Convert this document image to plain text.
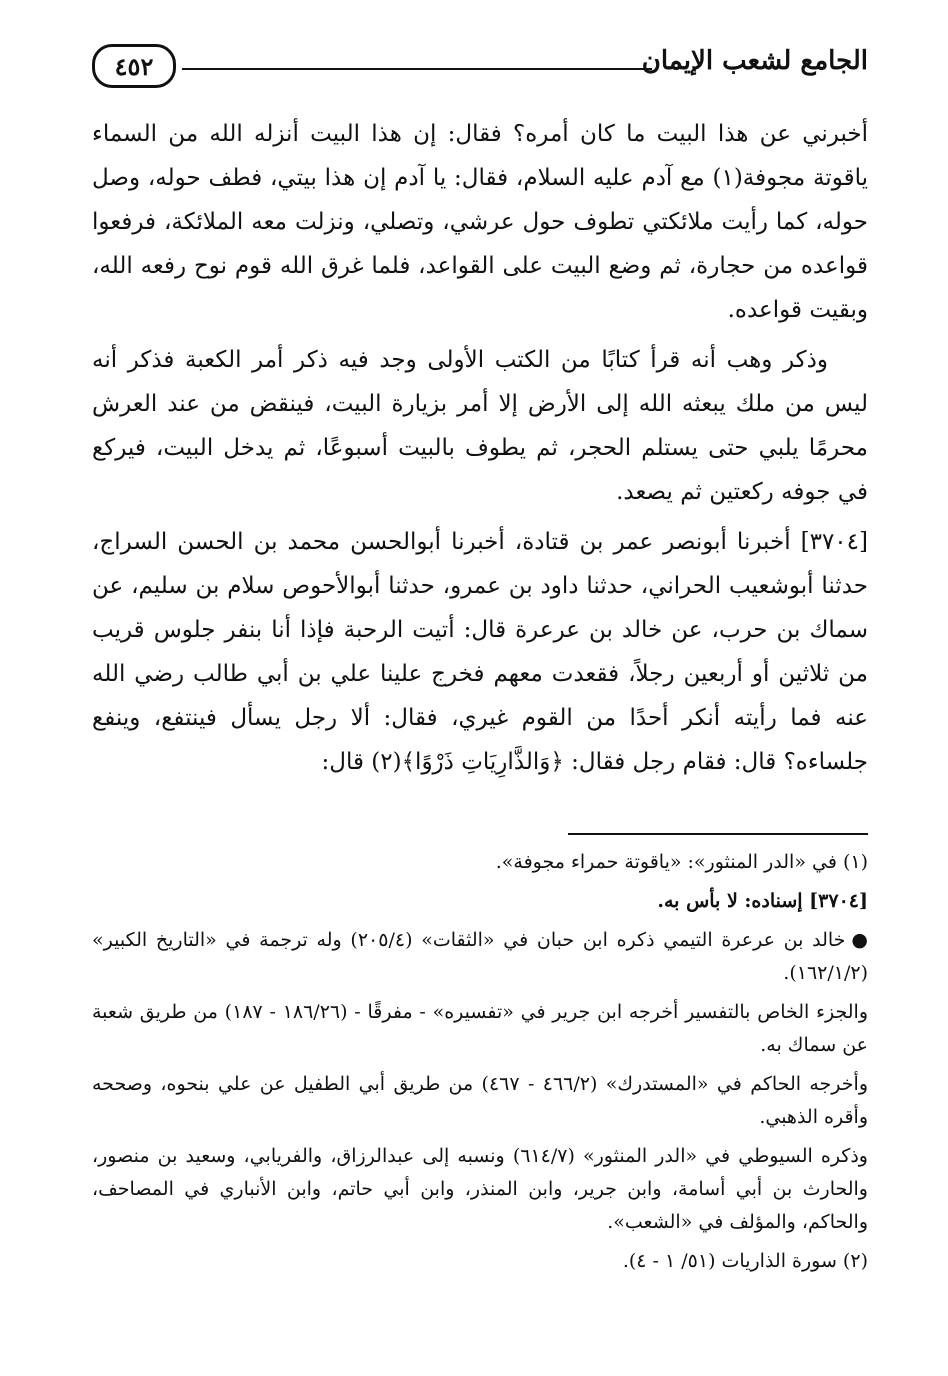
٤٥٢	الجامع لشعب الإيمان

أخبرني عن هذا البيت ما كان أمره؟ فقال: إن هذا البيت أنزله الله من السماء ياقوتة مجوفة(١) مع آدم عليه السلام، فقال: يا آدم إن هذا بيتي، فطف حوله، وصل حوله، كما رأيت ملائكتي تطوف حول عرشي، وتصلي، ونزلت معه الملائكة، فرفعوا قواعده من حجارة، ثم وضع البيت على القواعد، فلما غرق الله قوم نوح رفعه الله، وبقيت قواعده.

وذكر وهب أنه قرأ كتابًا من الكتب الأولى وجد فيه ذكر أمر الكعبة فذكر أنه ليس من ملك يبعثه الله إلى الأرض إلا أمر بزيارة البيت، فينقض من عند العرش محرمًا يلبي حتى يستلم الحجر، ثم يطوف بالبيت أسبوعًا، ثم يدخل البيت، فيركع في جوفه ركعتين ثم يصعد.

[٣٧٠٤] أخبرنا أبونصر عمر بن قتادة، أخبرنا أبوالحسن محمد بن الحسن السراج، حدثنا أبوشعيب الحراني، حدثنا داود بن عمرو، حدثنا أبوالأحوص سلام بن سليم، عن سماك بن حرب، عن خالد بن عرعرة قال: أتيت الرحبة فإذا أنا بنفر جلوس قريب من ثلاثين أو أربعين رجلاً، فقعدت معهم فخرج علينا علي بن أبي طالب رضي الله عنه فما رأيته أنكر أحدًا من القوم غيري، فقال: ألا رجل يسأل فينتفع، وينفع جلساءه؟ قال: فقام رجل فقال: ﴿وَالذَّارِيَاتِ ذَرْوًا﴾(٢) قال:

(١) في «الدر المنثور»: «ياقوتة حمراء مجوفة».

[٣٧٠٤] إسناده: لا بأس به.

●خالد بن عرعرة التيمي ذكره ابن حبان في «الثقات» (٢٠٥/٤) وله ترجمة في «التاريخ الكبير» (١٦٢/١/٢).

والجزء الخاص بالتفسير أخرجه ابن جرير في «تفسيره» - مفرقًا - (١٨٦/٢٦ - ١٨٧) من طريق شعبة عن سماك به.

وأخرجه الحاكم في «المستدرك» (٤٦٦/٢ - ٤٦٧) من طريق أبي الطفيل عن علي بنحوه، وصححه وأقره الذهبي.

وذكره السيوطي في «الدر المنثور» (٦١٤/٧) ونسبه إلى عبدالرزاق، والفريابي، وسعيد بن منصور، والحارث بن أبي أسامة، وابن جرير، وابن المنذر، وابن أبي حاتم، وابن الأنباري في المصاحف، والحاكم، والمؤلف في «الشعب».

(٢) سورة الذاريات (٥١/ ١ - ٤).
